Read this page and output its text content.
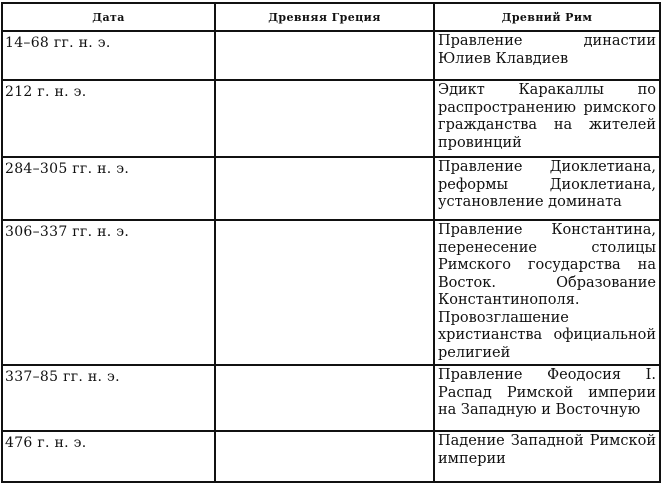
Дата	Древняя Греция	Древний Рим
14–68 гг. н. э.		Правление династии Юлиев Клавдиев

212 г. н. э.		Эдикт Каракаллы по распространению римского гражданства на жителей провинций

284–305 гг. н. э.		Правление Диоклетиана, реформы Диоклетиана, установление домината

306–337 гг. н. э.		Правление Константина, перенесение столицы Римского государства на Восток. Образование Константинополя. Провозглашение христианства официальной религией

337–85 гг. н. э.		Правление Феодосия I. Распад Римской империи на Западную и Восточную

476 г. н. э.		Падение Западной Римской империи
